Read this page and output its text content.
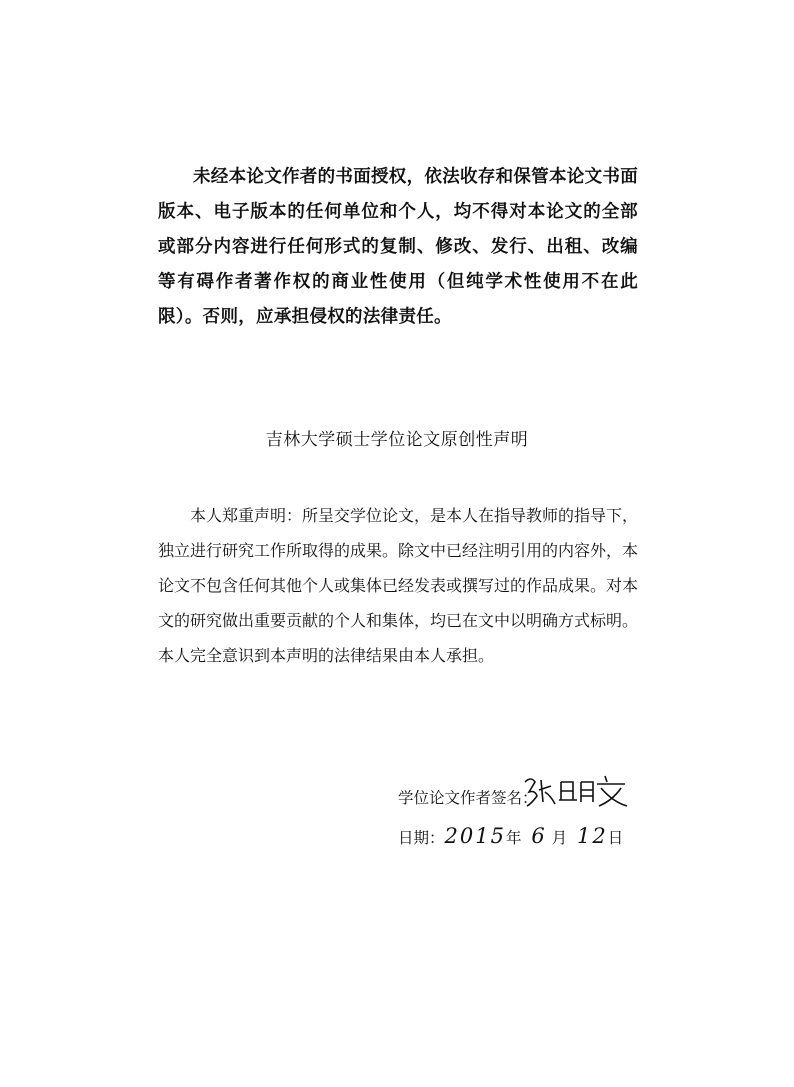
未经本论文作者的书面授权，依法收存和保管本论文书面版本、电子版本的任何单位和个人，均不得对本论文的全部或部分内容进行任何形式的复制、修改、发行、出租、改编等有碍作者著作权的商业性使用（但纯学术性使用不在此限）。否则，应承担侵权的法律责任。
吉林大学硕士学位论文原创性声明
本人郑重声明：所呈交学位论文，是本人在指导教师的指导下，独立进行研究工作所取得的成果。除文中已经注明引用的内容外，本论文不包含任何其他个人或集体已经发表或撰写过的作品成果。对本文的研究做出重要贡献的个人和集体，均已在文中以明确方式标明。本人完全意识到本声明的法律结果由本人承担。
学位论文作者签名：
日期：2015年 6 月 12日
